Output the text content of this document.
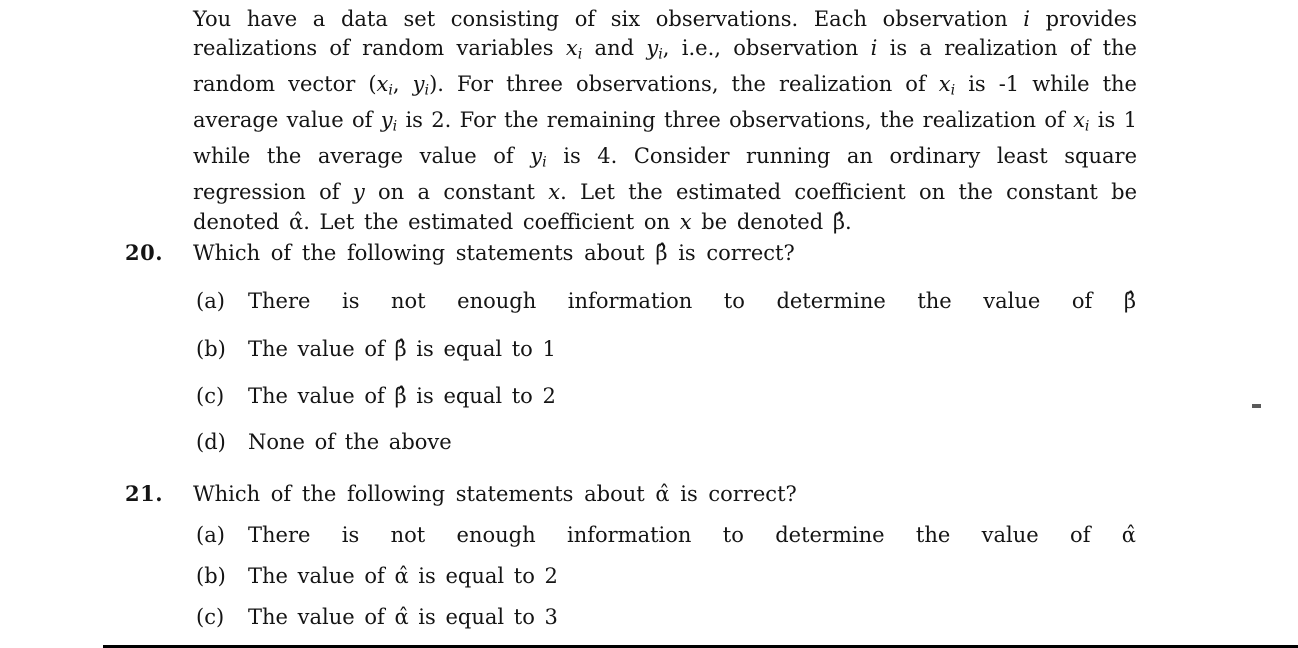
You have a data set consisting of six observations. Each observation i provides
realizations of random variables $x_i$ and $y_i$, i.e., observation i is a realization of the
random vector ($x_i$, $y_i$). For three observations, the realization of $x_i$ is -1 while the
average value of $y_i$ is 2. For the remaining three observations, the realization of $x_i$ is 1
while the average value of $y_i$ is 4. Consider running an ordinary least square
regression of y on a constant x. Let the estimated coefficient on the constant be
denoted α̂. Let the estimated coefficient on x be denoted β̂.
20. Which of the following statements about β̂ is correct?
(a) There is not enough information to determine the value of β̂
(b) The value of β̂ is equal to 1
(c) The value of β̂ is equal to 2
(d) None of the above
21. Which of the following statements about α̂ is correct?
(a) There is not enough information to determine the value of α̂
(b) The value of α̂ is equal to 2
(c) The value of α̂ is equal to 3
